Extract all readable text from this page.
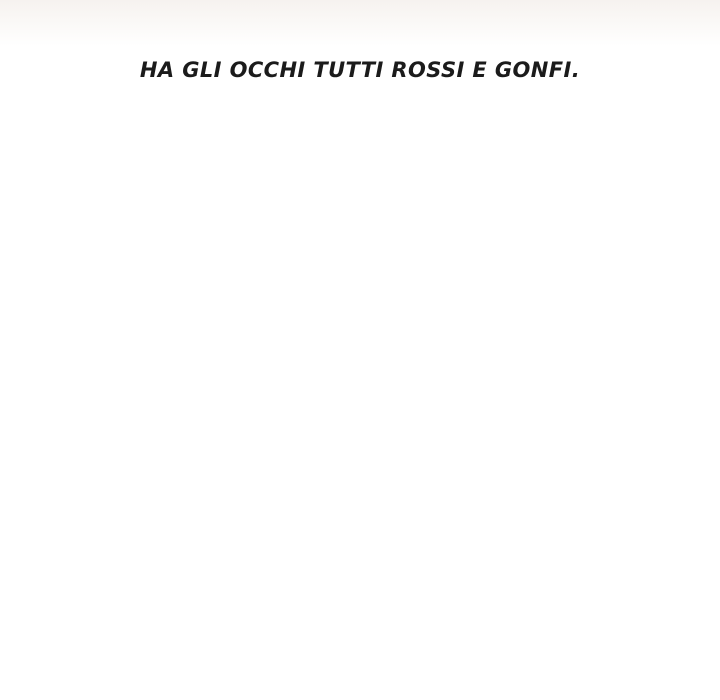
HA GLI OCCHI TUTTI ROSSI E GONFI.
